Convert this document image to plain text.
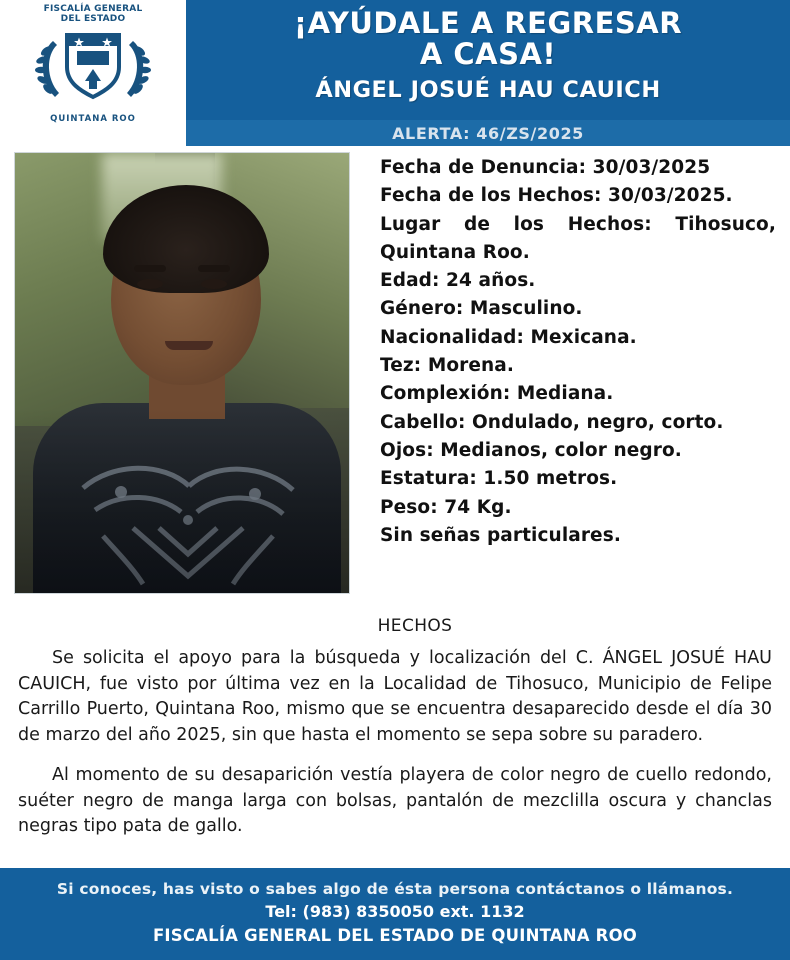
FISCALÍA GENERAL
DEL ESTADO
QUINTANA ROO
¡AYÚDALE A REGRESAR
A CASA!
ÁNGEL JOSUÉ HAU CAUICH
ALERTA: 46/ZS/2025
Fecha de Denuncia: 30/03/2025
Fecha de los Hechos: 30/03/2025.
Lugar de los Hechos: Tihosuco, Quintana Roo.
Edad: 24 años.
Género: Masculino.
Nacionalidad: Mexicana.
Tez: Morena.
Complexión: Mediana.
Cabello: Ondulado, negro, corto.
Ojos: Medianos, color negro.
Estatura: 1.50 metros.
Peso: 74 Kg.
Sin señas particulares.
HECHOS

Se solicita el apoyo para la búsqueda y localización del C. ÁNGEL JOSUÉ HAU CAUICH, fue visto por última vez en la Localidad de Tihosuco, Municipio de Felipe Carrillo Puerto, Quintana Roo, mismo que se encuentra desaparecido desde el día 30 de marzo del año 2025, sin que hasta el momento se sepa sobre su paradero.

Al momento de su desaparición vestía playera de color negro de cuello redondo, suéter negro de manga larga con bolsas, pantalón de mezclilla oscura y chanclas negras tipo pata de gallo.

Si conoces, has visto o sabes algo de ésta persona contáctanos o llámanos.
Tel: (983) 8350050 ext. 1132
FISCALÍA GENERAL DEL ESTADO DE QUINTANA ROO
